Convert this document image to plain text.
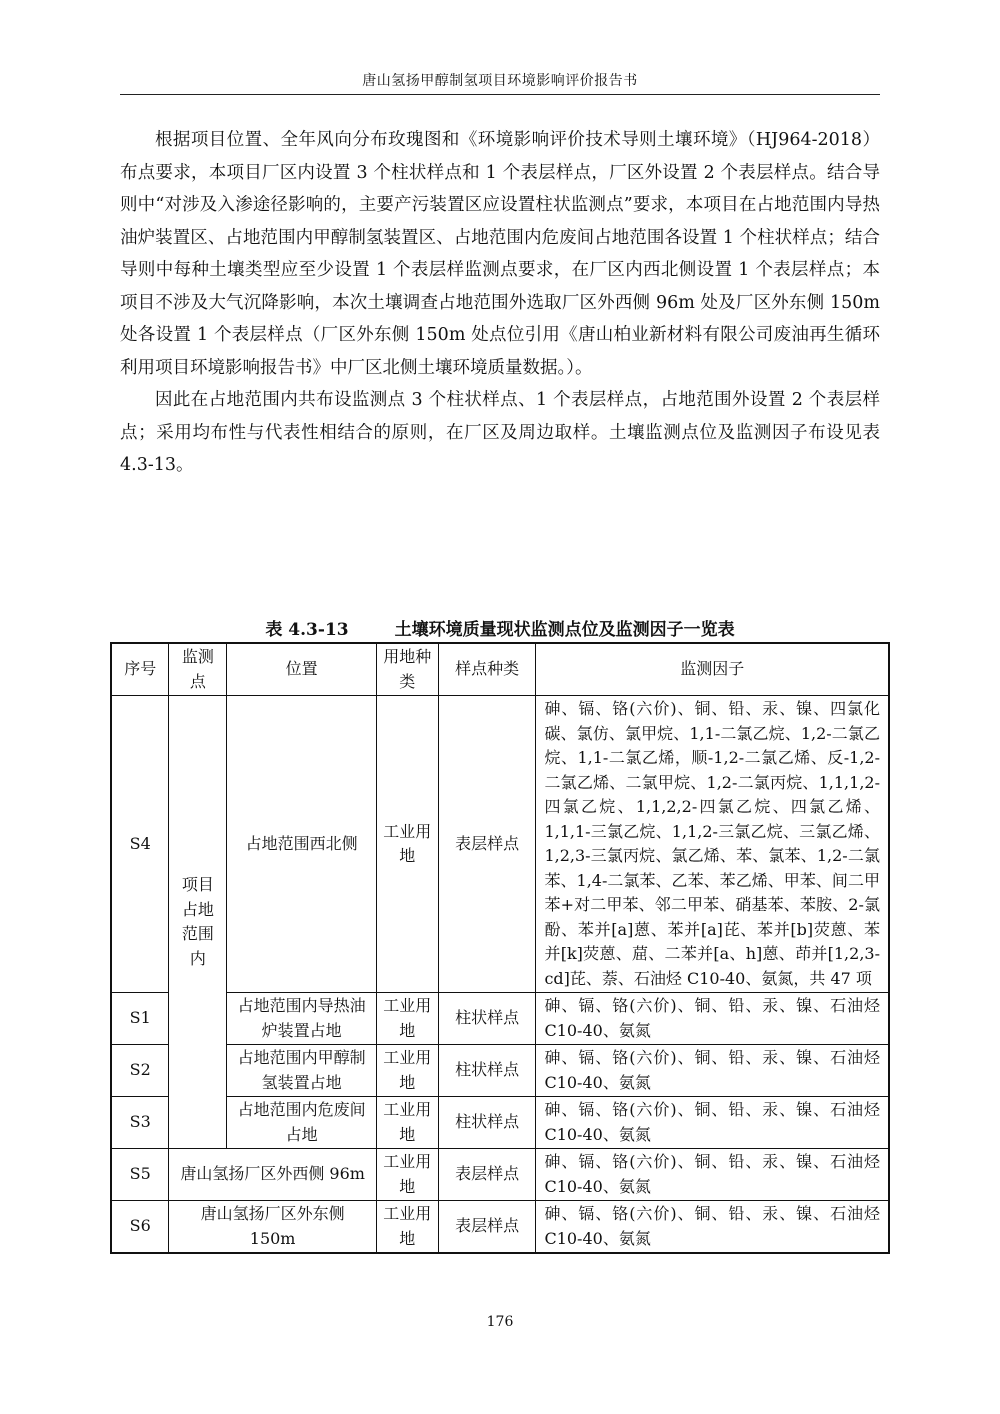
唐山氢扬甲醇制氢项目环境影响评价报告书

根据项目位置、全年风向分布玫瑰图和《环境影响评价技术导则土壤环境》（HJ964-2018）布点要求，本项目厂区内设置 3 个柱状样点和 1 个表层样点，厂区外设置 2 个表层样点。结合导则中“对涉及入渗途径影响的，主要产污装置区应设置柱状监测点”要求，本项目在占地范围内导热油炉装置区、占地范围内甲醇制氢装置区、占地范围内危废间占地范围各设置 1 个柱状样点；结合导则中每种土壤类型应至少设置 1 个表层样监测点要求，在厂区内西北侧设置 1 个表层样点；本项目不涉及大气沉降影响，本次土壤调查占地范围外选取厂区外西侧 96m 处及厂区外东侧 150m 处各设置 1 个表层样点（厂区外东侧 150m 处点位引用《唐山柏业新材料有限公司废油再生循环利用项目环境影响报告书》中厂区北侧土壤环境质量数据。）。

因此在占地范围内共布设监测点 3 个柱状样点、1 个表层样点，占地范围外设置 2 个表层样点；采用均布性与代表性相结合的原则，在厂区及周边取样。土壤监测点位及监测因子布设见表 4.3-13。

表 4.3-13	土壤环境质量现状监测点位及监测因子一览表
序号	监测点	位置	用地种类	样点种类	监测因子
S4	项目占地范围内	占地范围西北侧	工业用地	表层样点	砷、镉、铬(六价)、铜、铅、汞、镍、四氯化碳、氯仿、氯甲烷、1,1-二氯乙烷、1,2-二氯乙烷、1,1-二氯乙烯，顺-1,2-二氯乙烯、反-1,2-二氯乙烯、二氯甲烷、1,2-二氯丙烷、1,1,1,2-四氯乙烷、1,1,2,2-四氯乙烷、四氯乙烯、1,1,1-三氯乙烷、1,1,2-三氯乙烷、三氯乙烯、1,2,3-三氯丙烷、氯乙烯、苯、氯苯、1,2-二氯苯、1,4-二氯苯、乙苯、苯乙烯、甲苯、间二甲苯+对二甲苯、邻二甲苯、硝基苯、苯胺、2-氯酚、苯并[a]蒽、苯并[a]芘、苯并[b]荧蒽、苯并[k]荧蒽、䓛、二苯并[a、h]蒽、茚并[1,2,3-cd]芘、萘、石油烃 C10-40、氨氮，共 47 项
S1		占地范围内导热油炉装置占地	工业用地	柱状样点	砷、镉、铬(六价)、铜、铅、汞、镍、石油烃 C10-40、氨氮
S2		占地范围内甲醇制氢装置占地	工业用地	柱状样点	砷、镉、铬(六价)、铜、铅、汞、镍、石油烃 C10-40、氨氮
S3		占地范围内危废间占地	工业用地	柱状样点	砷、镉、铬(六价)、铜、铅、汞、镍、石油烃 C10-40、氨氮
S5	唐山氢扬厂区外西侧 96m		工业用地	表层样点	砷、镉、铬(六价)、铜、铅、汞、镍、石油烃 C10-40、氨氮
S6	唐山氢扬厂区外东侧 150m		工业用地	表层样点	砷、镉、铬(六价)、铜、铅、汞、镍、石油烃 C10-40、氨氮
176
